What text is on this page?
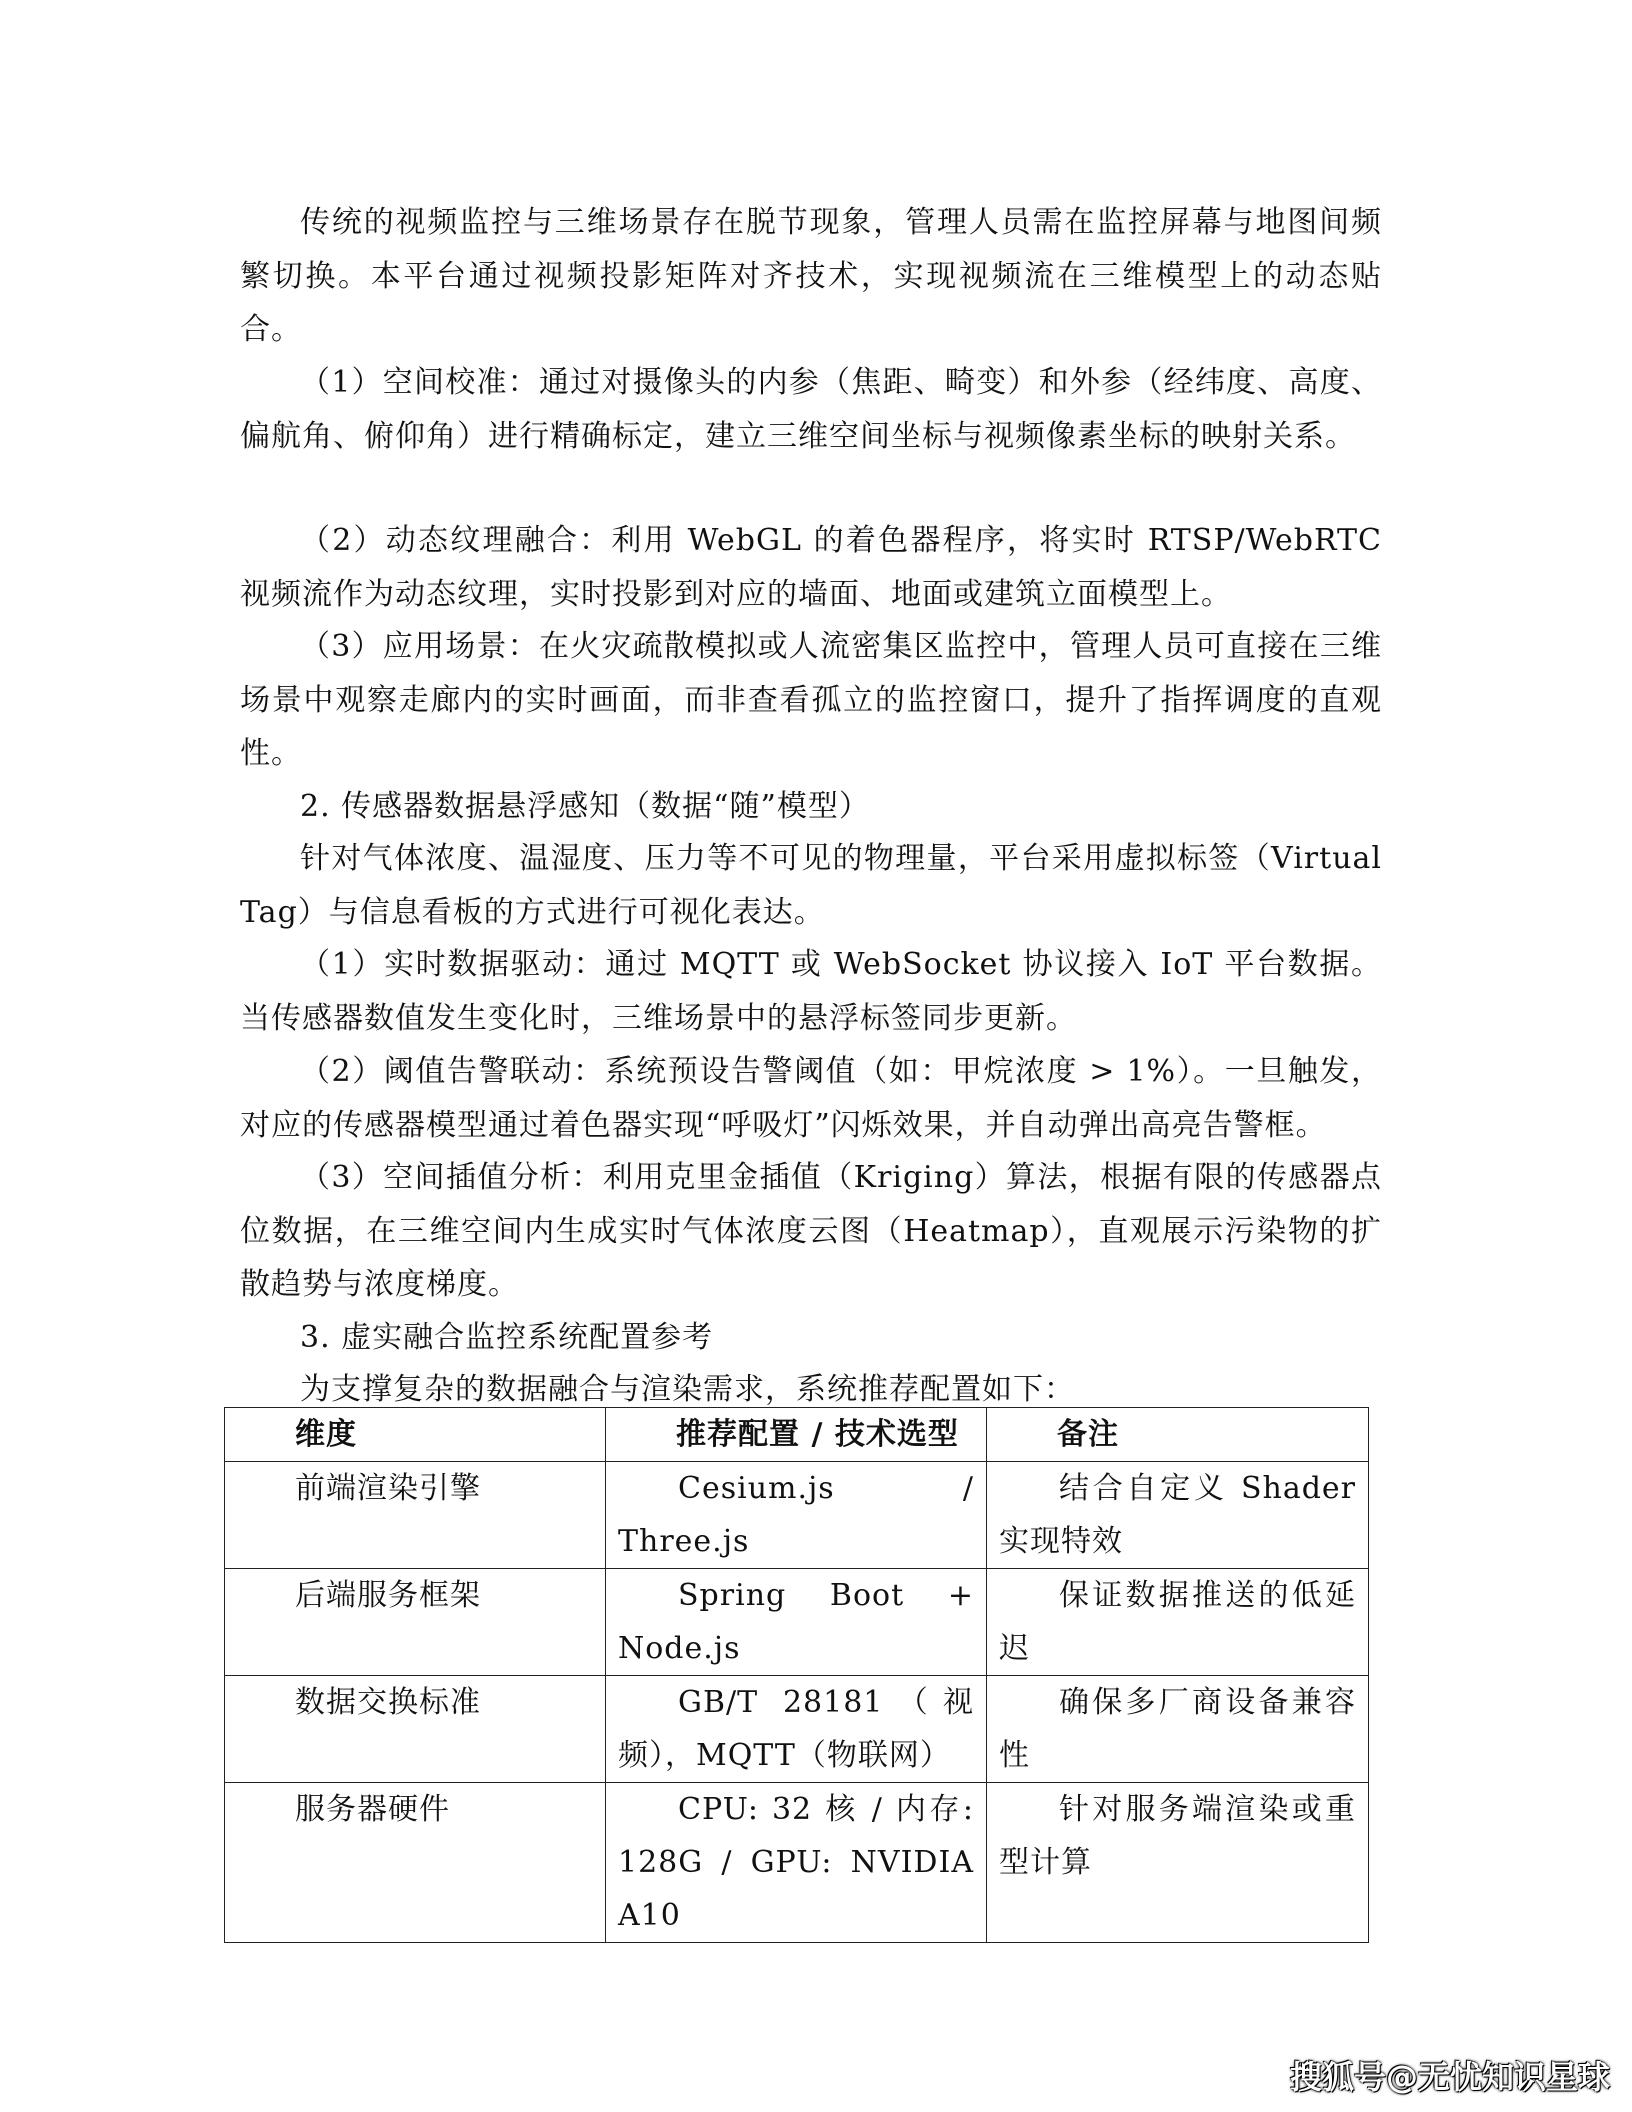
传统的视频监控与三维场景存在脱节现象，管理人员需在监控屏幕与地图间频繁切换。本平台通过视频投影矩阵对齐技术，实现视频流在三维模型上的动态贴合。

（1）空间校准：通过对摄像头的内参（焦距、畸变）和外参（经纬度、高度、偏航角、俯仰角）进行精确标定，建立三维空间坐标与视频像素坐标的映射关系。

（2）动态纹理融合：利用 WebGL 的着色器程序，将实时 RTSP/WebRTC 视频流作为动态纹理，实时投影到对应的墙面、地面或建筑立面模型上。

（3）应用场景：在火灾疏散模拟或人流密集区监控中，管理人员可直接在三维场景中观察走廊内的实时画面，而非查看孤立的监控窗口，提升了指挥调度的直观性。

2. 传感器数据悬浮感知（数据“随”模型）

针对气体浓度、温湿度、压力等不可见的物理量，平台采用虚拟标签（Virtual Tag）与信息看板的方式进行可视化表达。

（1）实时数据驱动：通过 MQTT 或 WebSocket 协议接入 IoT 平台数据。当传感器数值发生变化时，三维场景中的悬浮标签同步更新。

（2）阈值告警联动：系统预设告警阈值（如：甲烷浓度 > 1%）。一旦触发，对应的传感器模型通过着色器实现“呼吸灯”闪烁效果，并自动弹出高亮告警框。

（3）空间插值分析：利用克里金插值（Kriging）算法，根据有限的传感器点位数据，在三维空间内生成实时气体浓度云图（Heatmap），直观展示污染物的扩散趋势与浓度梯度。

3. 虚实融合监控系统配置参考

为支撑复杂的数据融合与渲染需求，系统推荐配置如下：

维度	推荐配置 / 技术选型	备注
前端渲染引擎	Cesium.js / Three.js	结合自定义 Shader 实现特效
后端服务框架	Spring Boot + Node.js	保证数据推送的低延迟
数据交换标准	GB/T 28181（视频），MQTT（物联网）	确保多厂商设备兼容性
服务器硬件	CPU: 32 核 / 内存: 128G / GPU: NVIDIA A10	针对服务端渲染或重型计算
搜狐号@无忧知识星球
